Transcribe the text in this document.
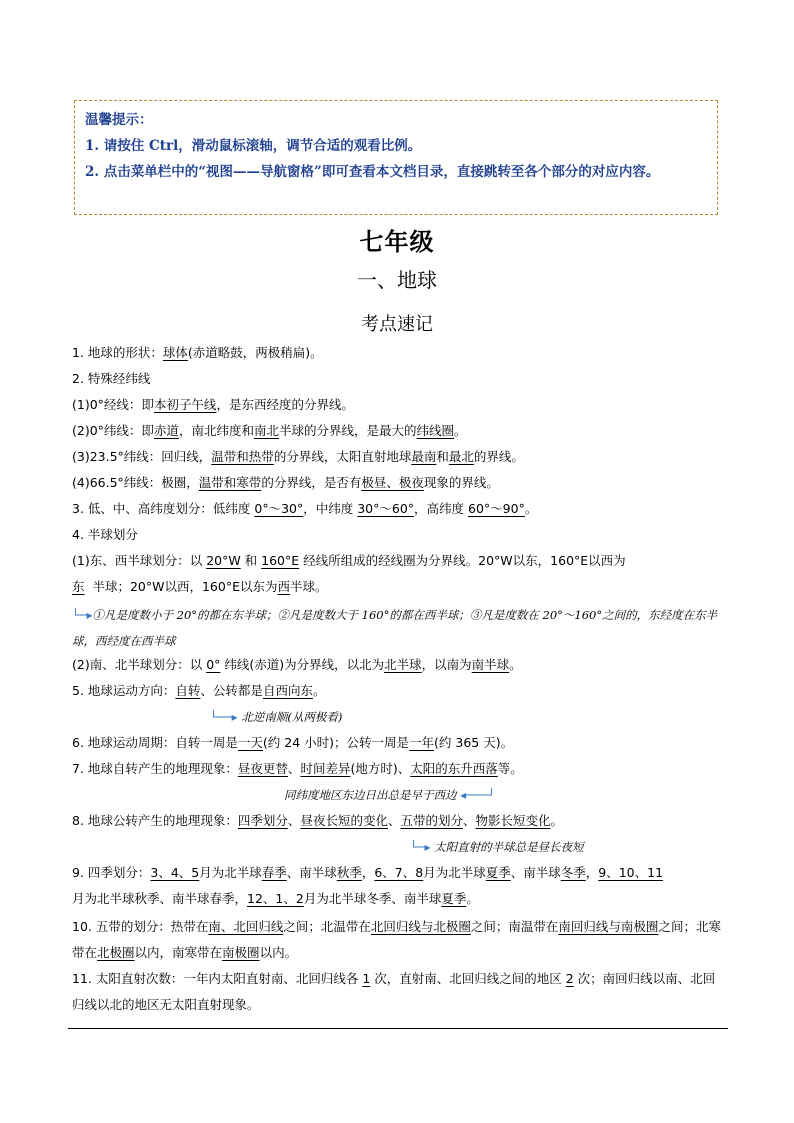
温馨提示：
1. 请按住 Ctrl，滑动鼠标滚轴，调节合适的观看比例。
2. 点击菜单栏中的“视图——导航窗格”即可查看本文档目录，直接跳转至各个部分的对应内容。
七年级
一、地球
考点速记
1. 地球的形状：球体(赤道略鼓，两极稍扁)。
2. 特殊经纬线
(1)0°经线：即本初子午线，是东西经度的分界线。
(2)0°纬线：即赤道，南北纬度和南北半球的分界线，是最大的纬线圈。
(3)23.5°纬线：回归线，温带和热带的分界线，太阳直射地球最南和最北的界线。
(4)66.5°纬线：极圈，温带和寒带的分界线，是否有极昼、极夜现象的界线。
3. 低、中、高纬度划分：低纬度 0°～30°，中纬度 30°～60°，高纬度 60°～90°。
4. 半球划分
(1)东、西半球划分：以 20°W 和 160°E 经线所组成的经线圈为分界线。20°W以东，160°E以西为
东 半球；20°W以西，160°E以东为西半球。
└─▸①凡是度数小于 20°的都在东半球；②凡是度数大于 160°的都在西半球；③凡是度数在 20°～160°之间的，东经度在东半球，西经度在西半球
(2)南、北半球划分：以 0° 纬线(赤道)为分界线，以北为北半球，以南为南半球。
5. 地球运动方向：自转、公转都是自西向东。
└──▸ 北逆南顺(从两极看)
6. 地球运动周期：自转一周是一天(约 24 小时)；公转一周是一年(约 365 天)。
7. 地球自转产生的地理现象：昼夜更替、时间差异(地方时)、太阳的东升西落等。
同纬度地区东边日出总是早于西边 ◂───┘
8. 地球公转产生的地理现象：四季划分、昼夜长短的变化、五带的划分、物影长短变化。
└─▸ 太阳直射的半球总是昼长夜短
9. 四季划分：3、4、5月为北半球春季、南半球秋季，6、7、8月为北半球夏季、南半球冬季，9、10、11
月为北半球秋季、南半球春季，12、1、2月为北半球冬季、南半球夏季。
10. 五带的划分：热带在南、北回归线之间；北温带在北回归线与北极圈之间；南温带在南回归线与南极圈之间；北寒带在北极圈以内，南寒带在南极圈以内。
11. 太阳直射次数：一年内太阳直射南、北回归线各 1 次，直射南、北回归线之间的地区 2 次；南回归线以南、北回归线以北的地区无太阳直射现象。
